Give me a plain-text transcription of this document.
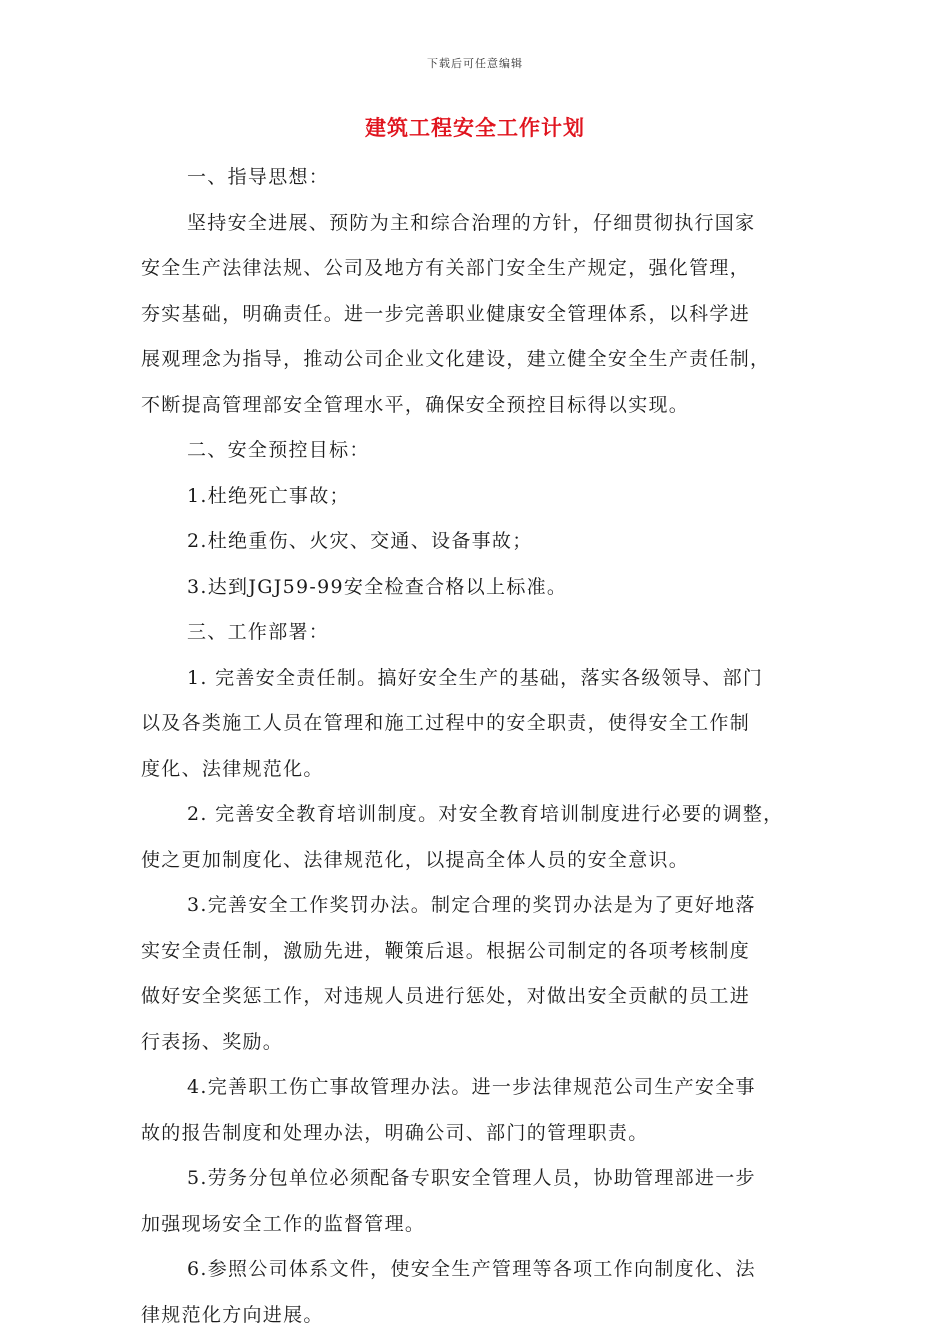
下载后可任意编辑
建筑工程安全工作计划
一、指导思想：
坚持安全进展、预防为主和综合治理的方针，仔细贯彻执行国家
安全生产法律法规、公司及地方有关部门安全生产规定，强化管理，
夯实基础，明确责任。进一步完善职业健康安全管理体系，以科学进
展观理念为指导，推动公司企业文化建设，建立健全安全生产责任制，
不断提高管理部安全管理水平，确保安全预控目标得以实现。
二、安全预控目标：
1.杜绝死亡事故；
2.杜绝重伤、火灾、交通、设备事故；
3.达到JGJ59-99安全检查合格以上标准。
三、工作部署：
1. 完善安全责任制。搞好安全生产的基础，落实各级领导、部门
以及各类施工人员在管理和施工过程中的安全职责，使得安全工作制
度化、法律规范化。
2. 完善安全教育培训制度。对安全教育培训制度进行必要的调整，
使之更加制度化、法律规范化，以提高全体人员的安全意识。
3.完善安全工作奖罚办法。制定合理的奖罚办法是为了更好地落
实安全责任制，激励先进，鞭策后退。根据公司制定的各项考核制度
做好安全奖惩工作，对违规人员进行惩处，对做出安全贡献的员工进
行表扬、奖励。
4.完善职工伤亡事故管理办法。进一步法律规范公司生产安全事
故的报告制度和处理办法，明确公司、部门的管理职责。
5.劳务分包单位必须配备专职安全管理人员，协助管理部进一步
加强现场安全工作的监督管理。
6.参照公司体系文件，使安全生产管理等各项工作向制度化、法
律规范化方向进展。
